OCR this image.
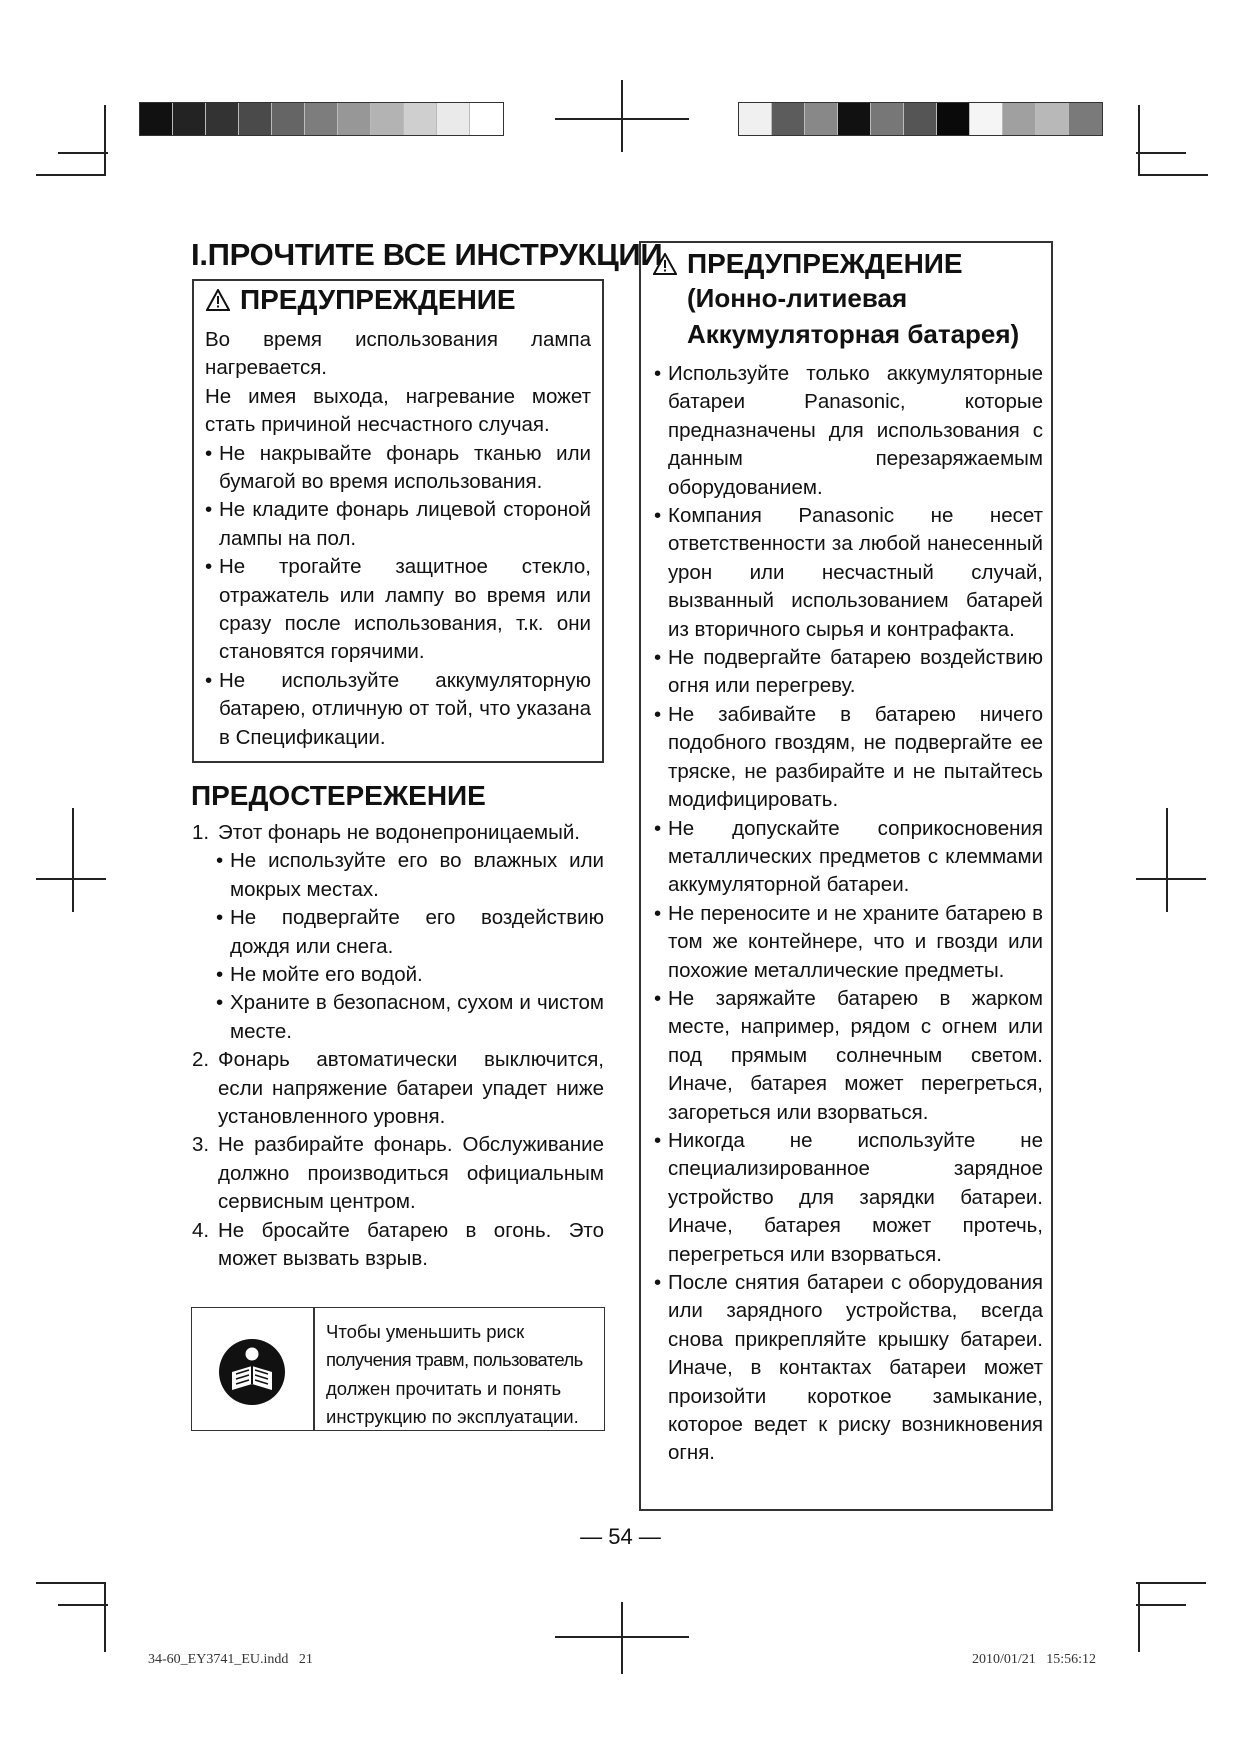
I.ПРОЧТИТЕ ВСЕ ИНСТРУКЦИИ
ПРЕДУПРЕЖДЕНИЕ
Во время использования лампа нагревается.
Не имея выхода, нагревание может стать причиной несчастного случая.
• Не накрывайте фонарь тканью или бумагой во время использования.
• Не кладите фонарь лицевой стороной лампы на пол.
• Не трогайте защитное стекло, отражатель или лампу во время или сразу после использования, т.к. они становятся горячими.
• Не используйте аккумуляторную батарею, отличную от той, что указана в Спецификации.
ПРЕДОСТЕРЕЖЕНИЕ
1. Этот фонарь не водонепроницаемый.
• Не используйте его во влажных или мокрых местах.
• Не подвергайте его воздействию дождя или снега.
• Не мойте его водой.
• Храните в безопасном, сухом и чистом месте.
2. Фонарь автоматически выключится, если напряжение батареи упадет ниже установленного уровня.
3. Не разбирайте фонарь. Обслуживание должно производиться официальным сервисным центром.
4. Не бросайте батарею в огонь. Это может вызвать взрыв.
Чтобы уменьшить риск
получения травм, пользователь
должен прочитать и понять
инструкцию по эксплуатации.
ПРЕДУПРЕЖДЕНИЕ
(Ионно-литиевая
Аккумуляторная батарея)
• Используйте только аккумуляторные батареи Panasonic, которые предназначены для использования с данным перезаряжаемым оборудованием.
• Компания Panasonic не несет ответственности за любой нанесенный урон или несчастный случай, вызванный использованием батарей из вторичного сырья и контрафакта.
• Не подвергайте батарею воздействию огня или перегреву.
• Не забивайте в батарею ничего подобного гвоздям, не подвергайте ее тряске, не разбирайте и не пытайтесь модифицировать.
• Не допускайте соприкосновения металлических предметов с клеммами аккумуляторной батареи.
• Не переносите и не храните батарею в том же контейнере, что и гвозди или похожие металлические предметы.
• Не заряжайте батарею в жарком месте, например, рядом с огнем или под прямым солнечным светом. Иначе, батарея может перегреться, загореться или взорваться.
• Никогда не используйте не специализированное зарядное устройство для зарядки батареи. Иначе, батарея может протечь, перегреться или взорваться.
• После снятия батареи с оборудования или зарядного устройства, всегда снова прикрепляйте крышку батареи. Иначе, в контактах батареи может произойти короткое замыкание, которое ведет к риску возникновения огня.
— 54 —
34-60_EY3741_EU.indd   21	2010/01/21   15:56:12
